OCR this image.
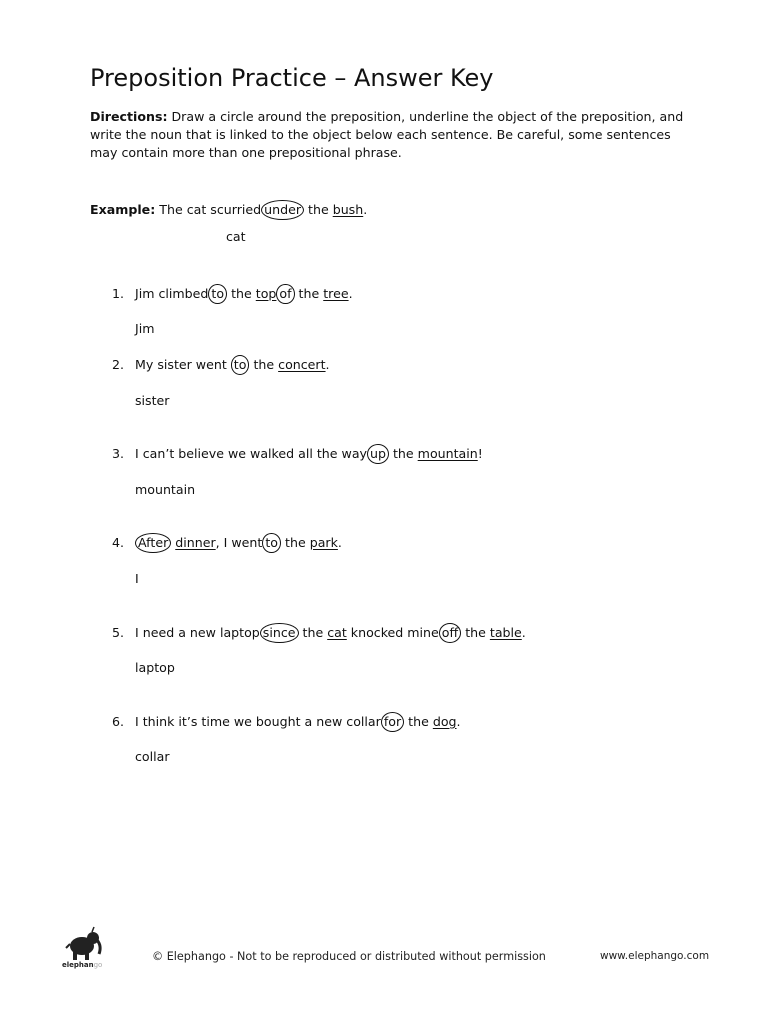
Preposition Practice – Answer Key
Directions: Draw a circle around the preposition, underline the object of the preposition, and write the noun that is linked to the object below each sentence. Be careful, some sentences may contain more than one prepositional phrase.
Example: The cat scurried under the bush.
cat
1. Jim climbed to the top of the tree.
Jim
2. My sister went to the concert.
sister
3. I can’t believe we walked all the way up the mountain!
mountain
4. After dinner, I went to the park.
I
5. I need a new laptop since the cat knocked mine off the table.
laptop
6. I think it’s time we bought a new collar for the dog.
collar
elephango
© Elephango - Not to be reproduced or distributed without permission	www.elephango.com
